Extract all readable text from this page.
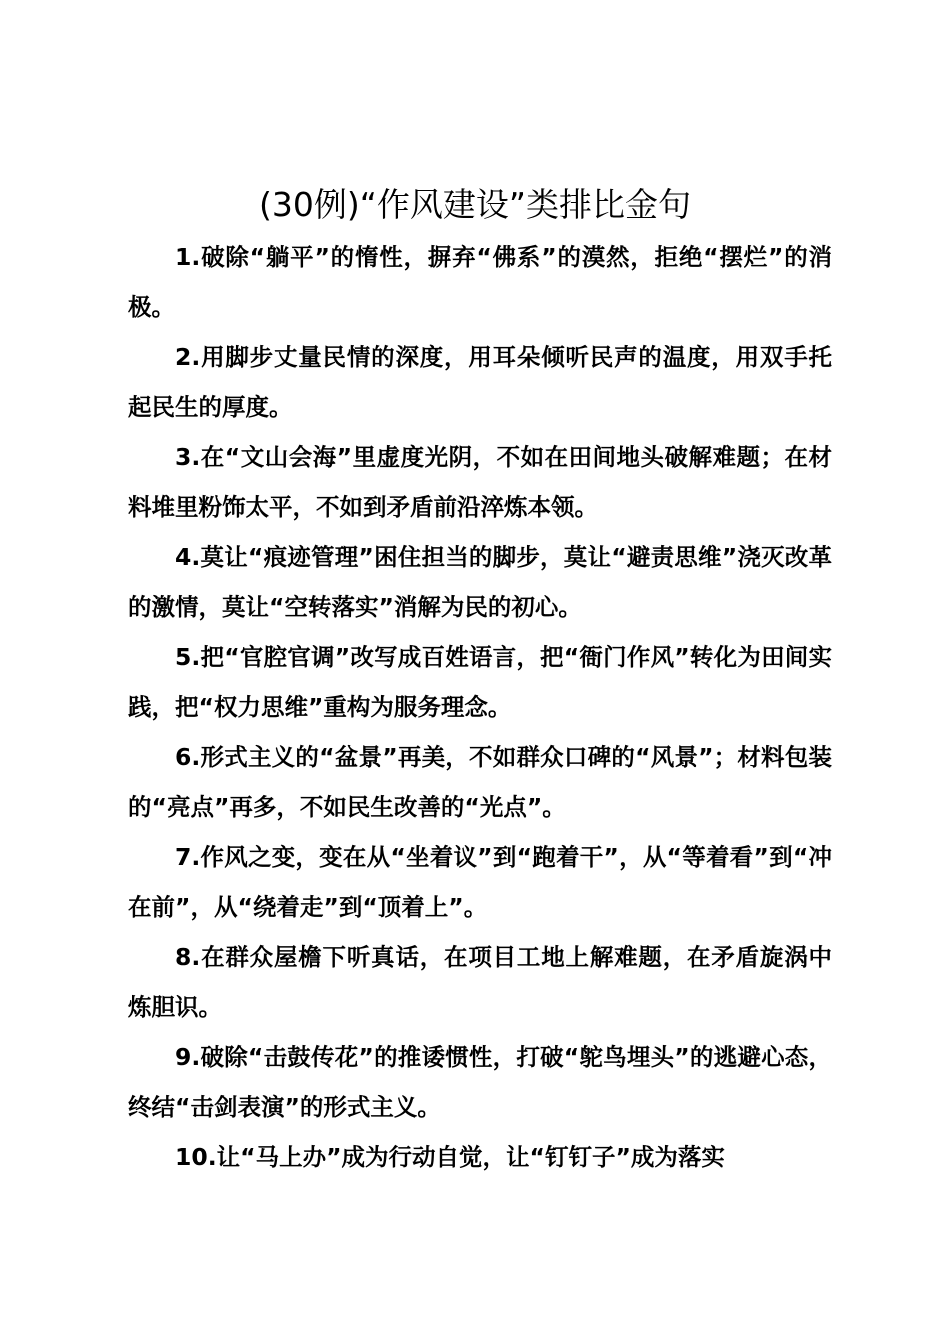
(30例)“作风建设”类排比金句

1.破除“躺平”的惰性，摒弃“佛系”的漠然，拒绝“摆烂”的消极。

2.用脚步丈量民情的深度，用耳朵倾听民声的温度，用双手托起民生的厚度。

3.在“文山会海”里虚度光阴，不如在田间地头破解难题；在材料堆里粉饰太平，不如到矛盾前沿淬炼本领。

4.莫让“痕迹管理”困住担当的脚步，莫让“避责思维”浇灭改革的激情，莫让“空转落实”消解为民的初心。

5.把“官腔官调”改写成百姓语言，把“衙门作风”转化为田间实践，把“权力思维”重构为服务理念。

6.形式主义的“盆景”再美，不如群众口碑的“风景”；材料包装的“亮点”再多，不如民生改善的“光点”。

7.作风之变，变在从“坐着议”到“跑着干”，从“等着看”到“冲在前”，从“绕着走”到“顶着上”。

8.在群众屋檐下听真话，在项目工地上解难题，在矛盾旋涡中炼胆识。

9.破除“击鼓传花”的推诿惯性，打破“鸵鸟埋头”的逃避心态，终结“击剑表演”的形式主义。

10.让“马上办”成为行动自觉，让“钉钉子”成为落实
